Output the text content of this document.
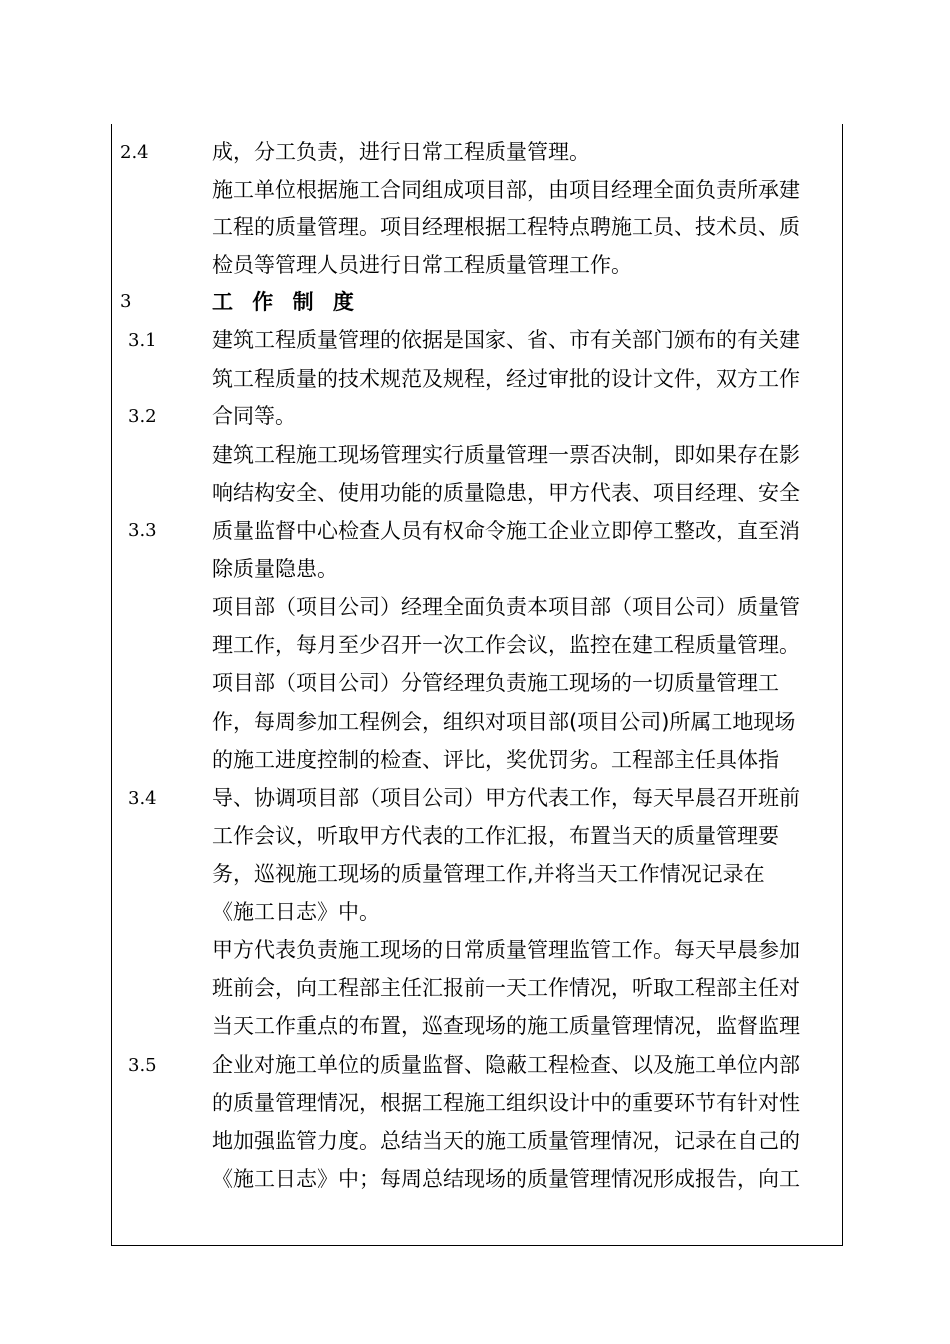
2.4
3
3.1
3.2
3.3
3.4
3.5
成，分工负责，进行日常工程质量管理。
施工单位根据施工合同组成项目部，由项目经理全面负责所承建
工程的质量管理。项目经理根据工程特点聘施工员、技术员、质
检员等管理人员进行日常工程质量管理工作。
工 作 制 度
建筑工程质量管理的依据是国家、省、市有关部门颁布的有关建
筑工程质量的技术规范及规程，经过审批的设计文件，双方工作
合同等。
建筑工程施工现场管理实行质量管理一票否决制，即如果存在影
响结构安全、使用功能的质量隐患，甲方代表、项目经理、安全
质量监督中心检查人员有权命令施工企业立即停工整改，直至消
除质量隐患。
项目部（项目公司）经理全面负责本项目部（项目公司）质量管
理工作，每月至少召开一次工作会议，监控在建工程质量管理。
项目部（项目公司）分管经理负责施工现场的一切质量管理工
作，每周参加工程例会，组织对项目部(项目公司)所属工地现场
的施工进度控制的检查、评比，奖优罚劣。工程部主任具体指
导、协调项目部（项目公司）甲方代表工作，每天早晨召开班前
工作会议，听取甲方代表的工作汇报，布置当天的质量管理要
务，巡视施工现场的质量管理工作,并将当天工作情况记录在
《施工日志》中。
甲方代表负责施工现场的日常质量管理监管工作。每天早晨参加
班前会，向工程部主任汇报前一天工作情况，听取工程部主任对
当天工作重点的布置，巡查现场的施工质量管理情况，监督监理
企业对施工单位的质量监督、隐蔽工程检查、以及施工单位内部
的质量管理情况，根据工程施工组织设计中的重要环节有针对性
地加强监管力度。总结当天的施工质量管理情况，记录在自己的
《施工日志》中；每周总结现场的质量管理情况形成报告，向工
